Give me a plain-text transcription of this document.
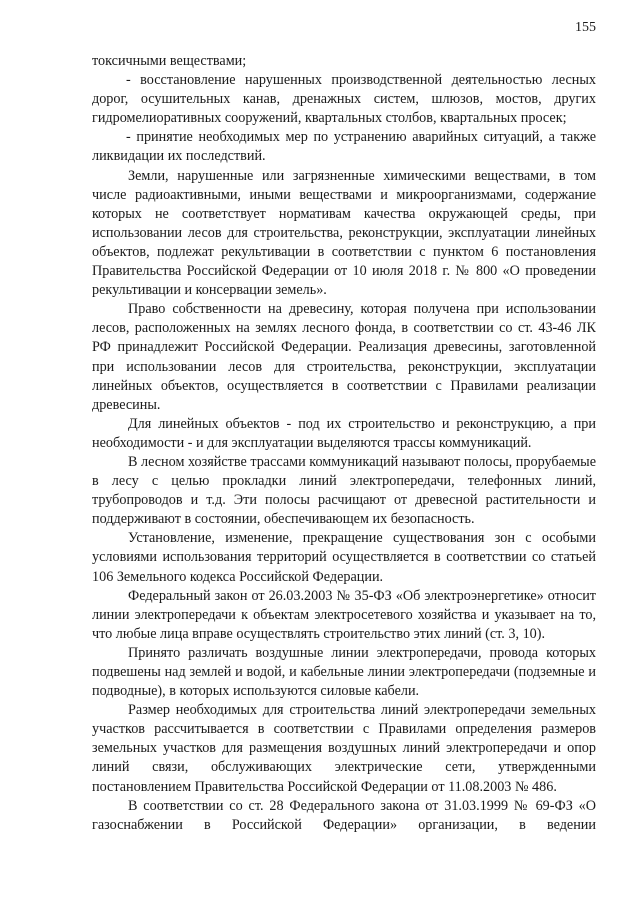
155

токсичными веществами;

- восстановление нарушенных производственной деятельностью лесных дорог, осушительных канав, дренажных систем, шлюзов, мостов, других гидромелиоративных сооружений, квартальных столбов, квартальных просек;

- принятие необходимых мер по устранению аварийных ситуаций, а также ликвидации их последствий.

Земли, нарушенные или загрязненные химическими веществами, в том числе радиоактивными, иными веществами и микроорганизмами, содержание которых не соответствует нормативам качества окружающей среды, при использовании лесов для строительства, реконструкции, эксплуатации линейных объектов, подлежат рекультивации в соответствии с пунктом 6 постановления Правительства Российской Федерации от 10 июля 2018 г. № 800 «О проведении рекультивации и консервации земель».

Право собственности на древесину, которая получена при использовании лесов, расположенных на землях лесного фонда, в соответствии со ст. 43-46 ЛК РФ принадлежит Российской Федерации. Реализация древесины, заготовленной при использовании лесов для строительства, реконструкции, эксплуатации линейных объектов, осуществляется в соответствии с Правилами реализации древесины.

Для линейных объектов - под их строительство и реконструкцию, а при необходимости - и для эксплуатации выделяются трассы коммуникаций.

В лесном хозяйстве трассами коммуникаций называют полосы, прорубаемые в лесу с целью прокладки линий электропередачи, телефонных линий, трубопроводов и т.д. Эти полосы расчищают от древесной растительности и поддерживают в состоянии, обеспечивающем их безопасность.

Установление, изменение, прекращение существования зон с особыми условиями использования территорий осуществляется в соответствии со статьей 106 Земельного кодекса Российской Федерации.

Федеральный закон от 26.03.2003 № 35-ФЗ «Об электроэнергетике» относит линии электропередачи к объектам электросетевого хозяйства и указывает на то, что любые лица вправе осуществлять строительство этих линий (ст. 3, 10).

Принято различать воздушные линии электропередачи, провода которых подвешены над землей и водой, и кабельные линии электропередачи (подземные и подводные), в которых используются силовые кабели.

Размер необходимых для строительства линий электропередачи земельных участков рассчитывается в соответствии с Правилами определения размеров земельных участков для размещения воздушных линий электропередачи и опор линий связи, обслуживающих электрические сети, утвержденными постановлением Правительства Российской Федерации от 11.08.2003 № 486.

В соответствии со ст. 28 Федерального закона от 31.03.1999 № 69-ФЗ «О газоснабжении в Российской Федерации» организации, в ведении
